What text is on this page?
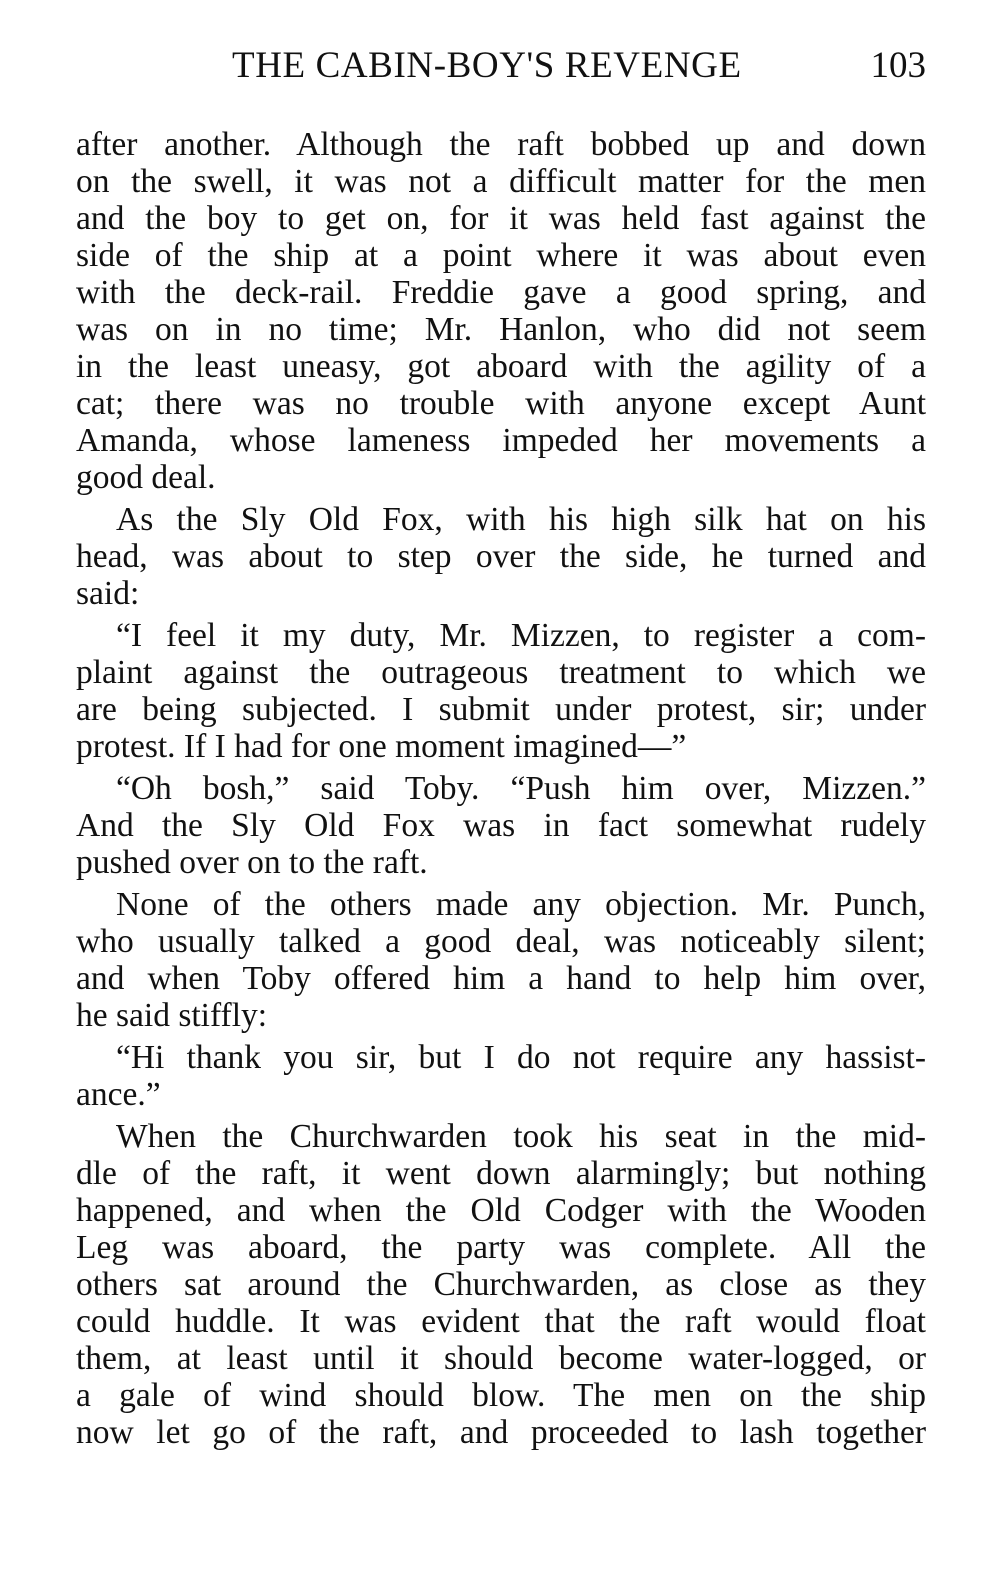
THE CABIN-BOY'S REVENGE	103
after another. Although the raft bobbed up and down
on the swell, it was not a difficult matter for the men
and the boy to get on, for it was held fast against the
side of the ship at a point where it was about even
with the deck-rail. Freddie gave a good spring, and
was on in no time; Mr. Hanlon, who did not seem
in the least uneasy, got aboard with the agility of a
cat; there was no trouble with anyone except Aunt
Amanda, whose lameness impeded her movements a
good deal.
As the Sly Old Fox, with his high silk hat on his
head, was about to step over the side, he turned and
said:
“I feel it my duty, Mr. Mizzen, to register a com-
plaint against the outrageous treatment to which we
are being subjected. I submit under protest, sir; under
protest. If I had for one moment imagined—”
“Oh bosh,” said Toby. “Push him over, Mizzen.”
And the Sly Old Fox was in fact somewhat rudely
pushed over on to the raft.
None of the others made any objection. Mr. Punch,
who usually talked a good deal, was noticeably silent;
and when Toby offered him a hand to help him over,
he said stiffly:
“Hi thank you sir, but I do not require any hassist-
ance.”
When the Churchwarden took his seat in the mid-
dle of the raft, it went down alarmingly; but nothing
happened, and when the Old Codger with the Wooden
Leg was aboard, the party was complete. All the
others sat around the Churchwarden, as close as they
could huddle. It was evident that the raft would float
them, at least until it should become water-logged, or
a gale of wind should blow. The men on the ship
now let go of the raft, and proceeded to lash together
